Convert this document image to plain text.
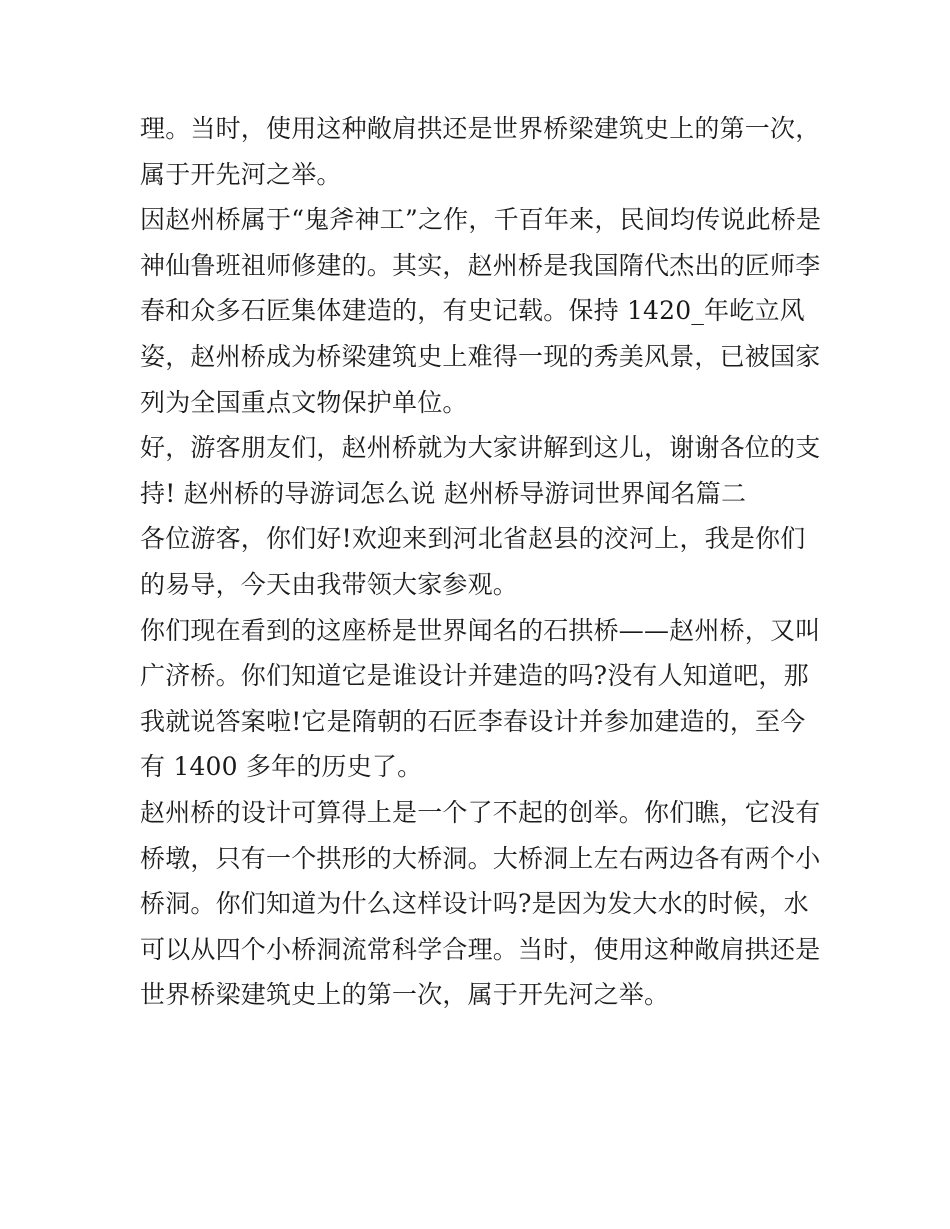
理。当时，使用这种敞肩拱还是世界桥梁建筑史上的第一次，
属于开先河之举。
因赵州桥属于“鬼斧神工”之作，千百年来，民间均传说此桥是
神仙鲁班祖师修建的。其实，赵州桥是我国隋代杰出的匠师李
春和众多石匠集体建造的，有史记载。保持 1420_年屹立风
姿，赵州桥成为桥梁建筑史上难得一现的秀美风景，已被国家
列为全国重点文物保护单位。
好，游客朋友们，赵州桥就为大家讲解到这儿，谢谢各位的支
持! 赵州桥的导游词怎么说 赵州桥导游词世界闻名篇二
各位游客，你们好!欢迎来到河北省赵县的洨河上，我是你们
的易导，今天由我带领大家参观。
你们现在看到的这座桥是世界闻名的石拱桥——赵州桥，又叫
广济桥。你们知道它是谁设计并建造的吗?没有人知道吧，那
我就说答案啦!它是隋朝的石匠李春设计并参加建造的，至今
有 1400 多年的历史了。
赵州桥的设计可算得上是一个了不起的创举。你们瞧，它没有
桥墩，只有一个拱形的大桥洞。大桥洞上左右两边各有两个小
桥洞。你们知道为什么这样设计吗?是因为发大水的时候，水
可以从四个小桥洞流常科学合理。当时，使用这种敞肩拱还是
世界桥梁建筑史上的第一次，属于开先河之举。
